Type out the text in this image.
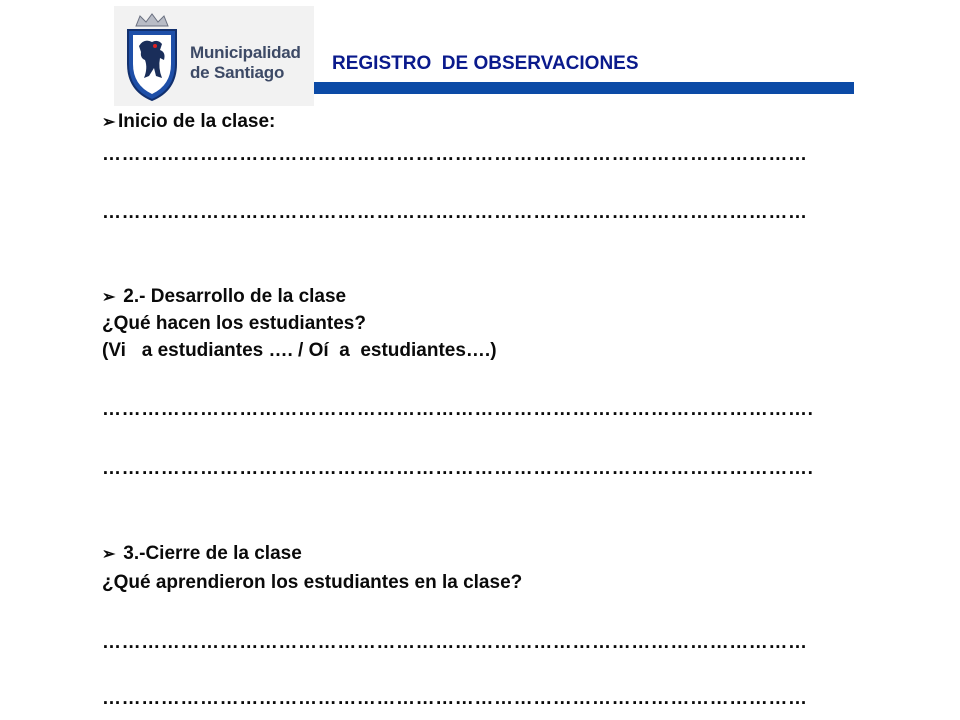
Municipalidad
de Santiago	REGISTRO  DE OBSERVACIONES
➢ Inicio de la clase:
………………………………………………………………………………………………
………………………………………………………………………………………………
➢ 2.- Desarrollo de la clase
¿Qué hacen los estudiantes?
(Vi   a estudiantes …. / Oí  a  estudiantes….)
……………………………………………………………………………………………….
……………………………………………………………………………………………….
➢ 3.-Cierre de la clase
¿Qué aprendieron los estudiantes en la clase?
………………………………………………………………………………………………
………………………………………………………………………………………………
